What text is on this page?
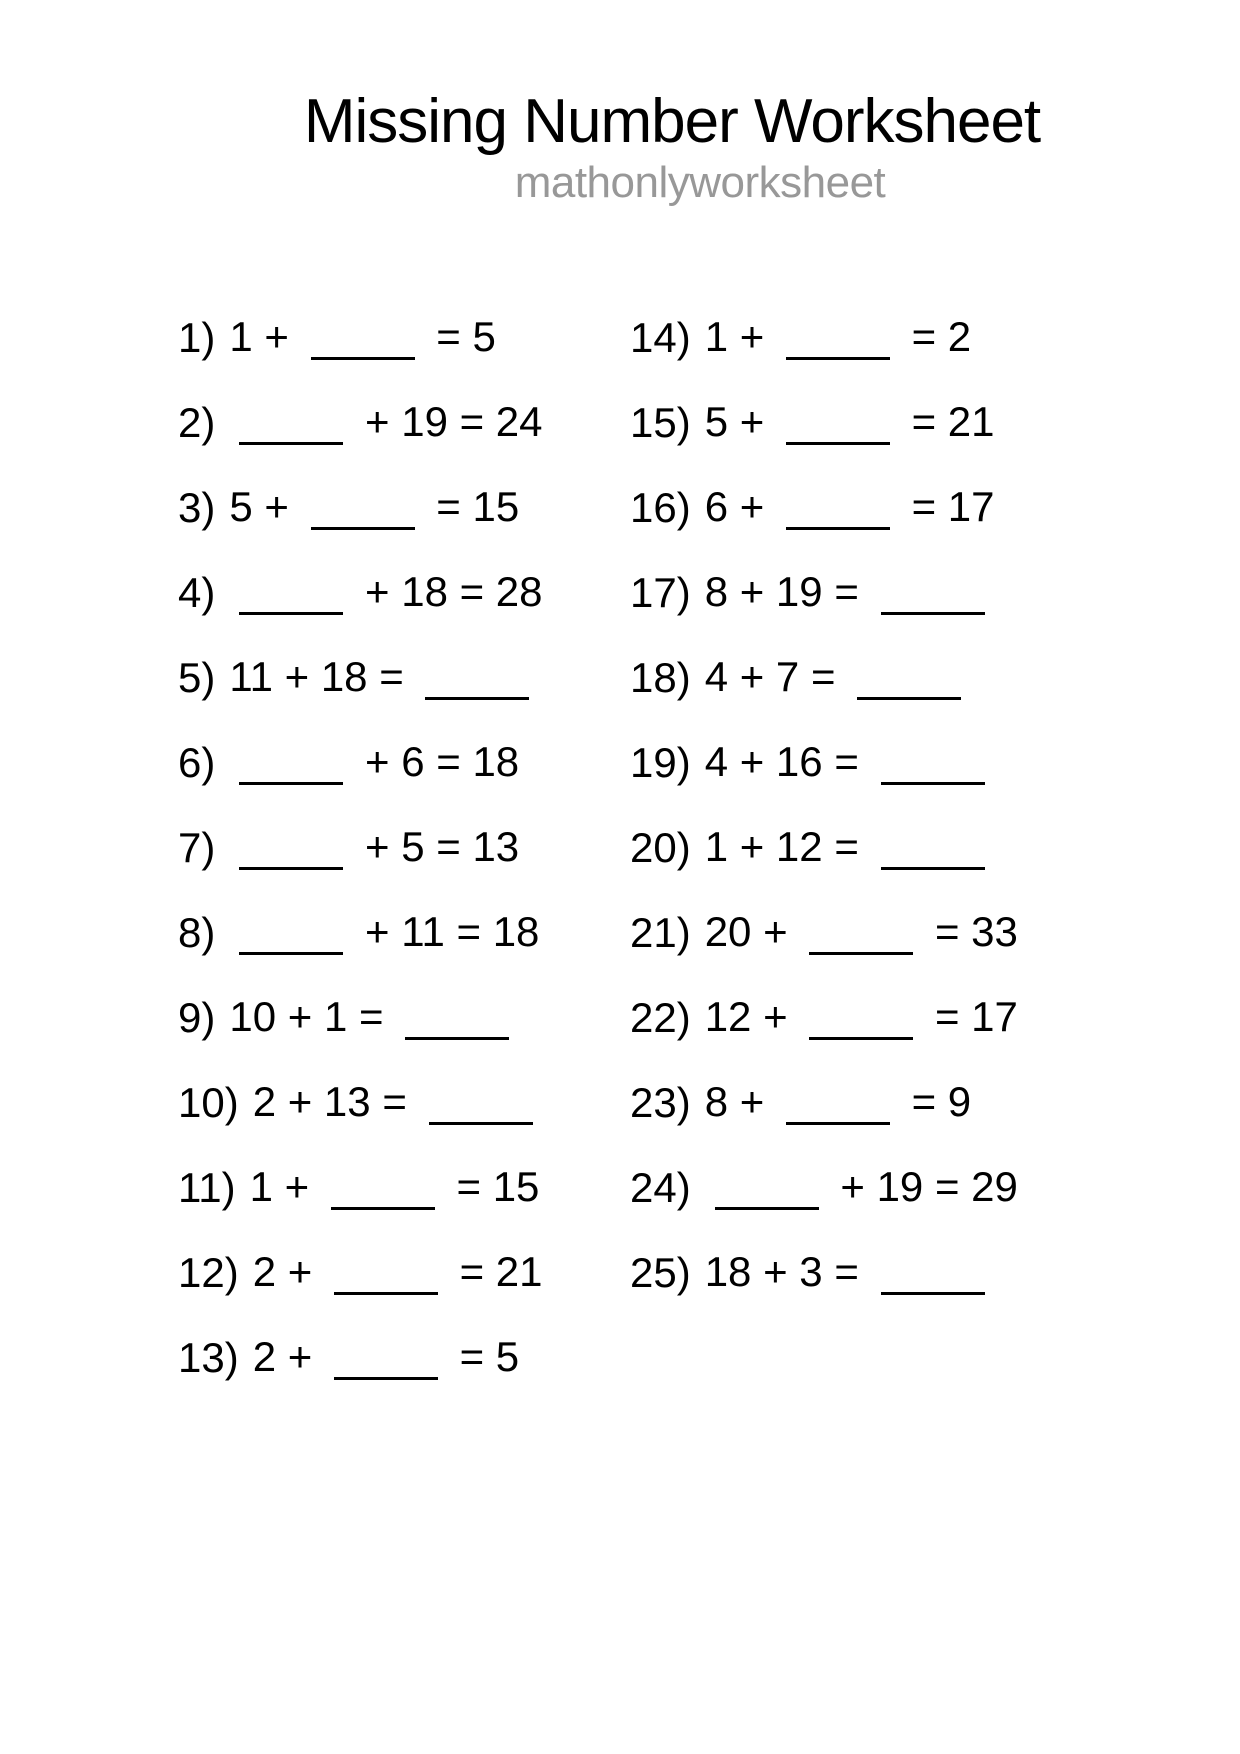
Missing Number Worksheet
mathonlyworksheet
1) 1 +	= 5
2)	+ 19 = 24
3) 5 +	= 15
4)	+ 18 = 28
5) 11 + 18 =
6)	+ 6 = 18
7)	+ 5 = 13
8)	+ 11 = 18
9) 10 + 1 =
10) 2 + 13 =
11) 1 +	= 15
12) 2 +	= 21
13) 2 +	= 5
14) 1 +	= 2
15) 5 +	= 21
16) 6 +	= 17
17) 8 + 19 =
18) 4 + 7 =
19) 4 + 16 =
20) 1 + 12 =
21) 20 +	= 33
22) 12 +	= 17
23) 8 +	= 9
24)	+ 19 = 29
25) 18 + 3 =
